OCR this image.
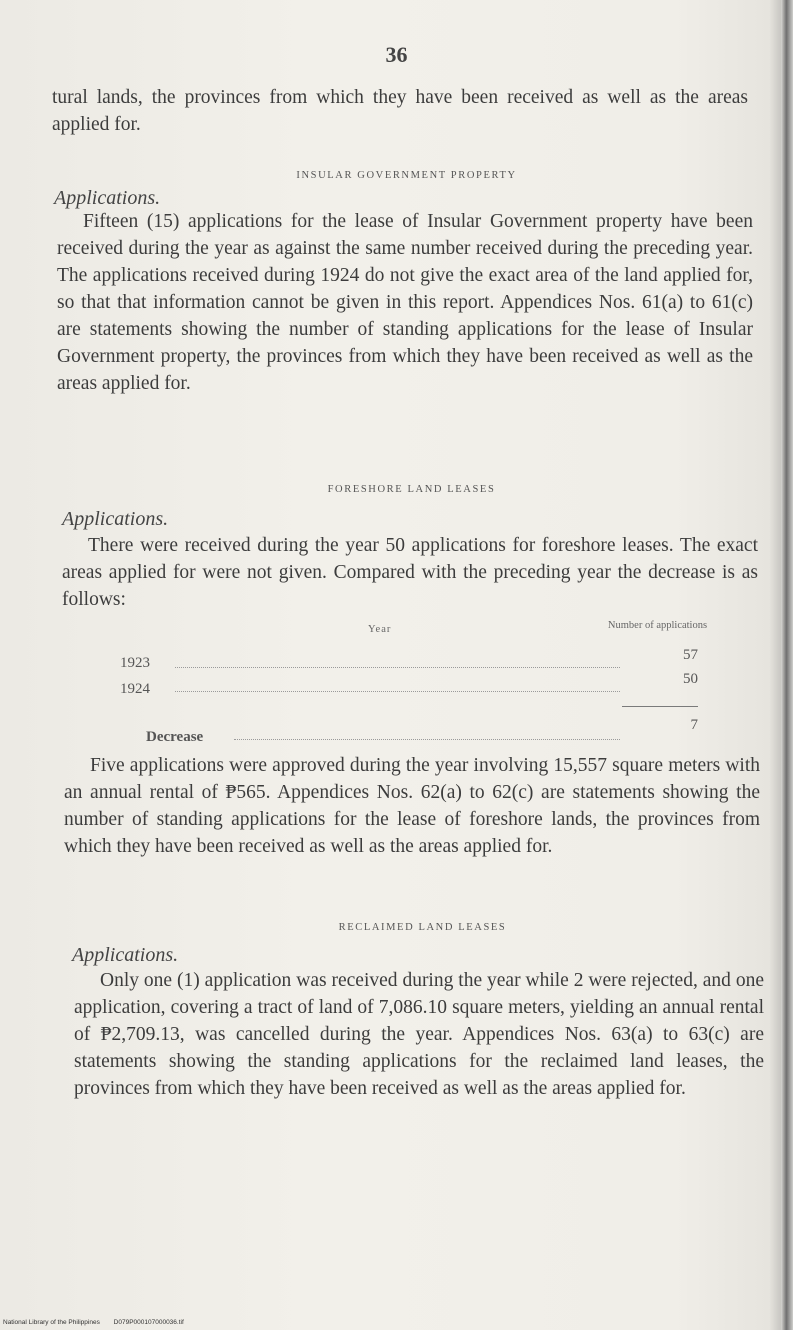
36

tural lands, the provinces from which they have been received as well as the areas applied for.

INSULAR GOVERNMENT PROPERTY
Applications.

Fifteen (15) applications for the lease of Insular Government property have been received during the year as against the same number received during the preceding year. The applications received during 1924 do not give the exact area of the land applied for, so that that information cannot be given in this report. Appendices Nos. 61(a) to 61(c) are statements showing the number of standing applications for the lease of Insular Government property, the provinces from which they have been received as well as the areas applied for.

FORESHORE LAND LEASES
Applications.

There were received during the year 50 applications for foreshore leases. The exact areas applied for were not given. Compared with the preceding year the decrease is as follows:

Year	Number of applications
1923	57
1924
50
Decrease
7

Five applications were approved during the year involving 15,557 square meters with an annual rental of ₱565. Appendices Nos. 62(a) to 62(c) are statements showing the number of standing applications for the lease of foreshore lands, the provinces from which they have been received as well as the areas applied for.

RECLAIMED LAND LEASES
Applications.

Only one (1) application was received during the year while 2 were rejected, and one application, covering a tract of land of 7,086.10 square meters, yielding an annual rental of ₱2,709.13, was cancelled during the year. Appendices Nos. 63(a) to 63(c) are statements showing the standing applications for the reclaimed land leases, the provinces from which they have been received as well as the areas applied for.

National Library of the Philippines D079P000107000036.tif
